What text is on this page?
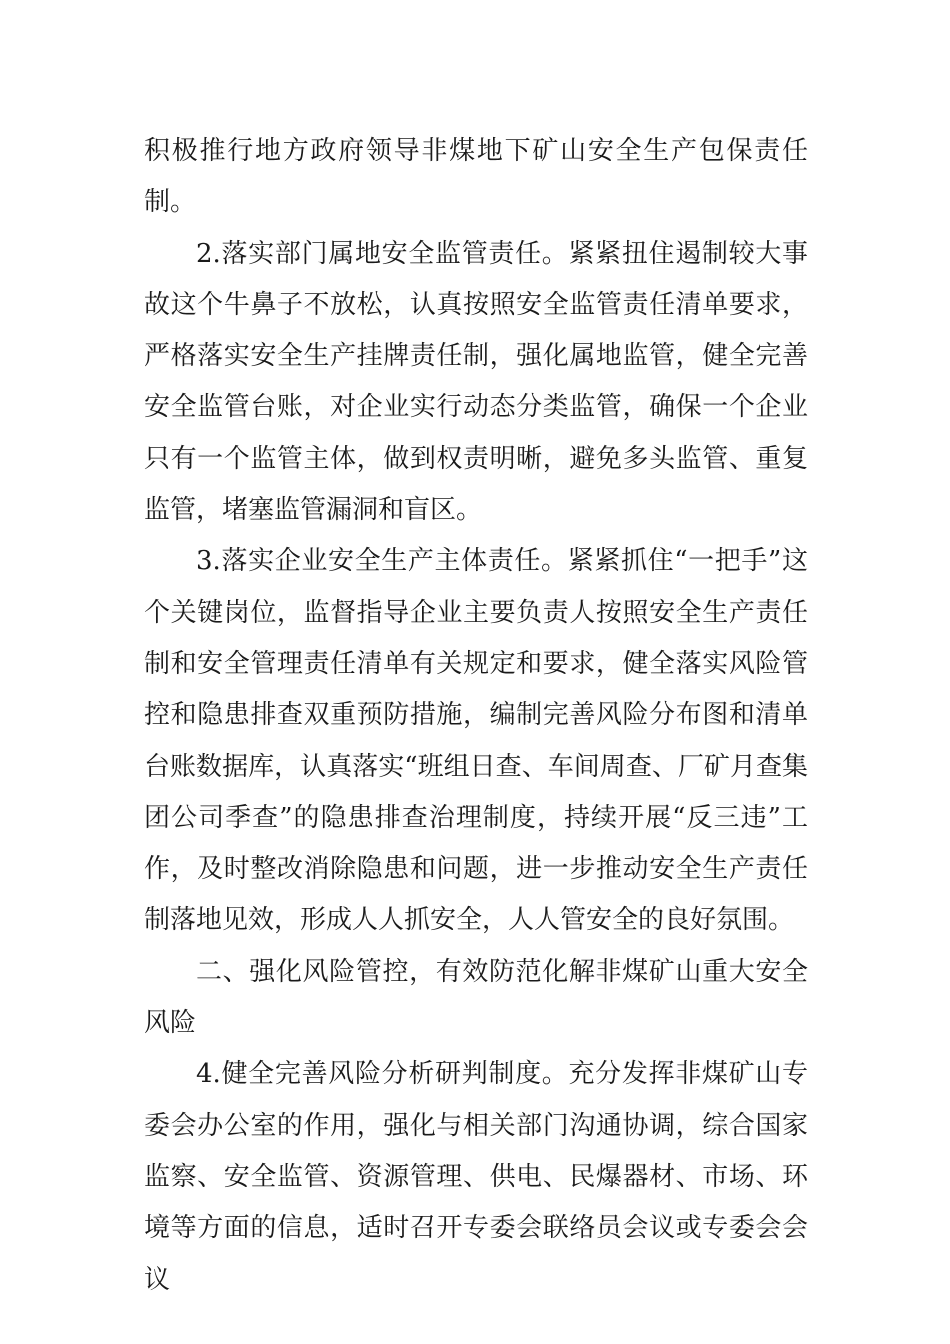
积极推行地方政府领导非煤地下矿山安全生产包保责任制。

2.落实部门属地安全监管责任。紧紧扭住遏制较大事故这个牛鼻子不放松，认真按照安全监管责任清单要求，严格落实安全生产挂牌责任制，强化属地监管，健全完善安全监管台账，对企业实行动态分类监管，确保一个企业只有一个监管主体，做到权责明晰，避免多头监管、重复监管，堵塞监管漏洞和盲区。

3.落实企业安全生产主体责任。紧紧抓住“一把手”这个关键岗位，监督指导企业主要负责人按照安全生产责任制和安全管理责任清单有关规定和要求，健全落实风险管控和隐患排查双重预防措施，编制完善风险分布图和清单台账数据库，认真落实“班组日查、车间周查、厂矿月查集团公司季查”的隐患排查治理制度，持续开展“反三违”工作，及时整改消除隐患和问题，进一步推动安全生产责任制落地见效，形成人人抓安全，人人管安全的良好氛围。

二、强化风险管控，有效防范化解非煤矿山重大安全风险

4.健全完善风险分析研判制度。充分发挥非煤矿山专委会办公室的作用，强化与相关部门沟通协调，综合国家监察、安全监管、资源管理、供电、民爆器材、市场、环境等方面的信息，适时召开专委会联络员会议或专委会会议
